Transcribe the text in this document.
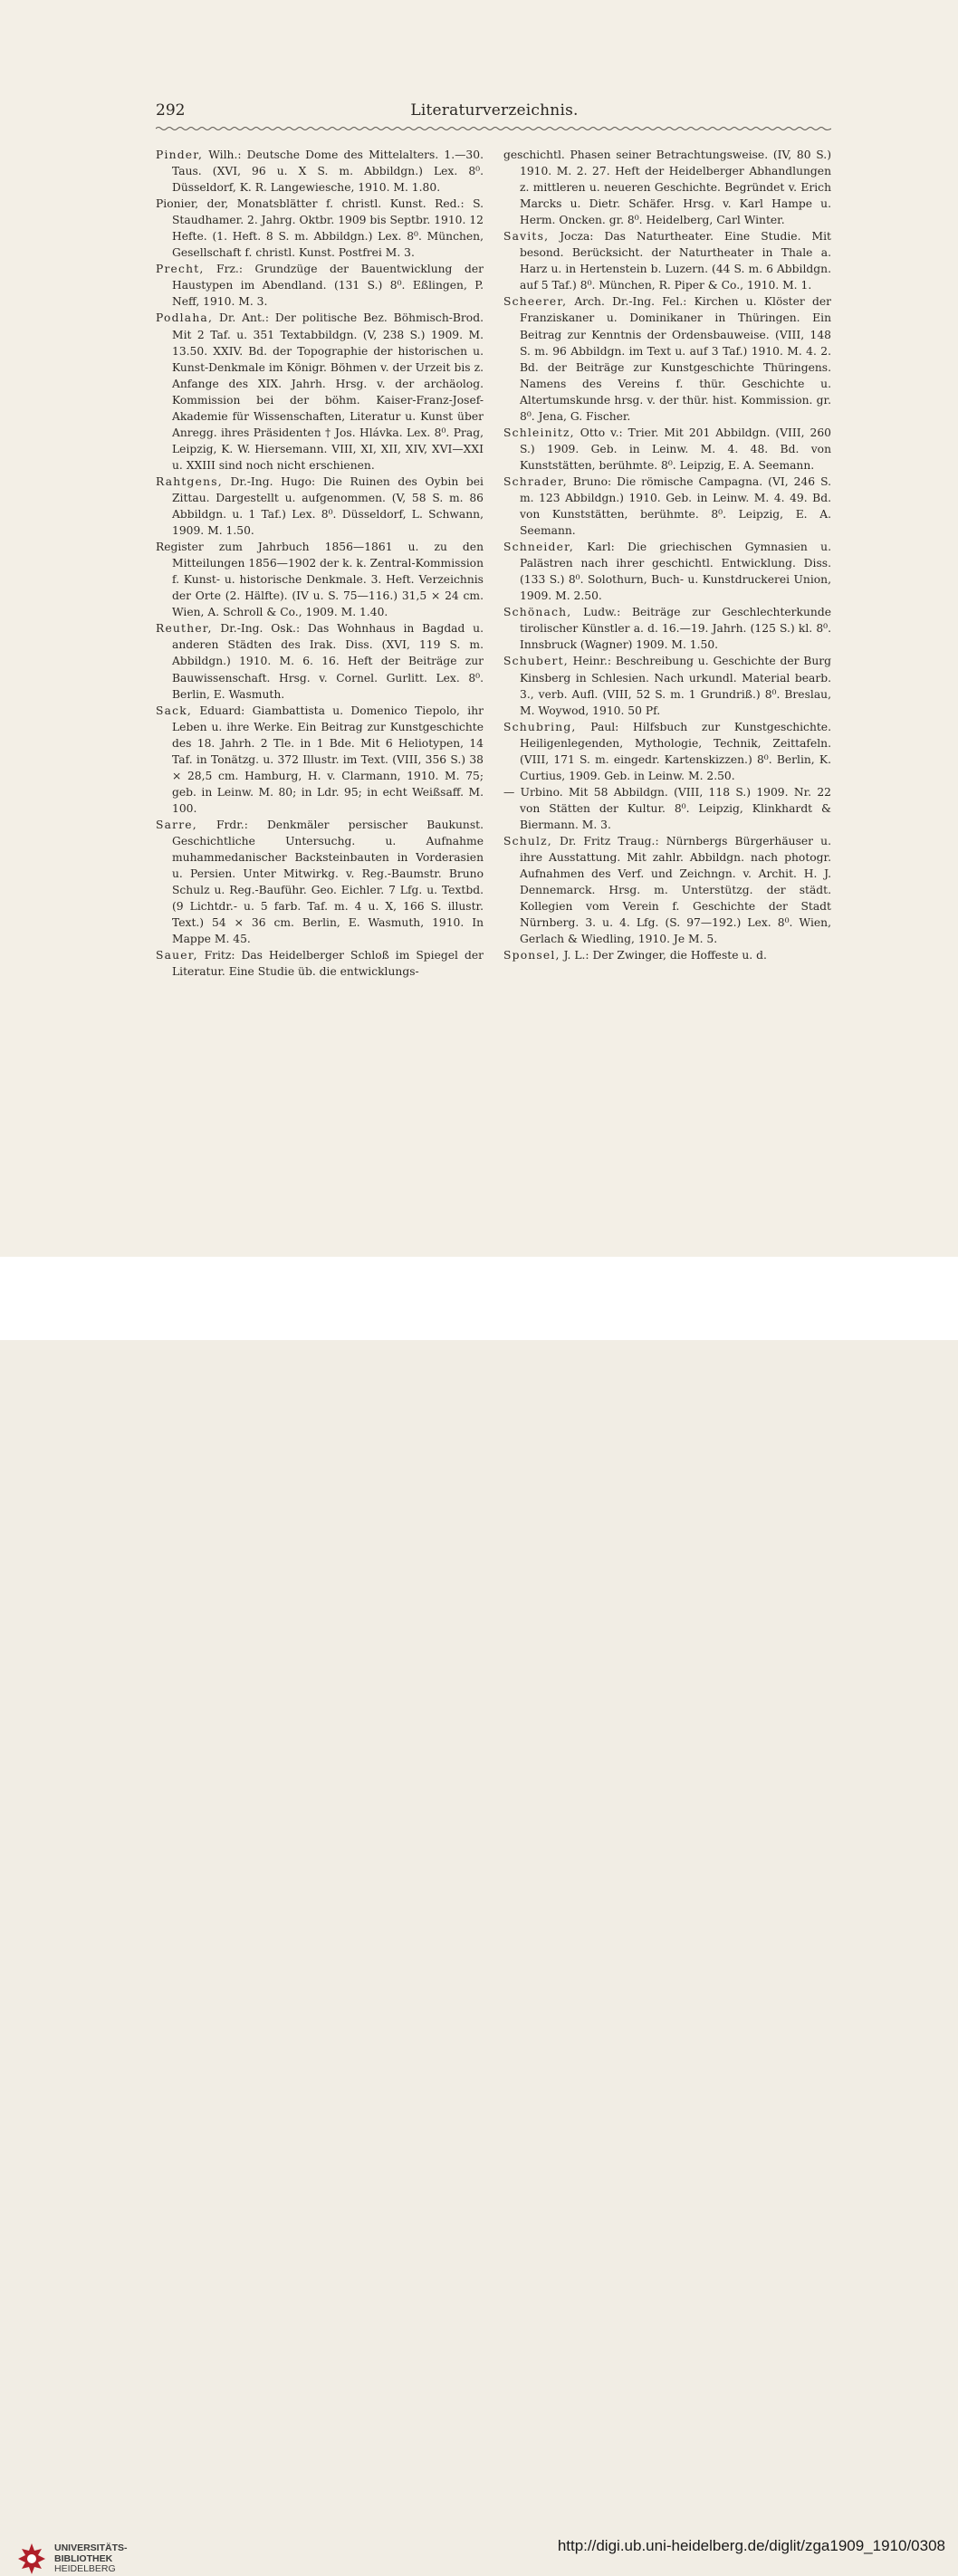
292	Literaturverzeichnis.

Pinder, Wilh.: Deutsche Dome des Mittelalters. 1.—30. Taus. (XVI, 96 u. X S. m. Abbildgn.) Lex. 8⁰. Düsseldorf, K. R. Langewiesche, 1910. M. 1.80.

Pionier, der, Monatsblätter f. christl. Kunst. Red.: S. Staudhamer. 2. Jahrg. Oktbr. 1909 bis Septbr. 1910. 12 Hefte. (1. Heft. 8 S. m. Abbildgn.) Lex. 8⁰. München, Gesellschaft f. christl. Kunst. Postfrei M. 3.

Precht, Frz.: Grundzüge der Bauentwicklung der Haustypen im Abendland. (131 S.) 8⁰. Eßlingen, P. Neff, 1910. M. 3.

Podlaha, Dr. Ant.: Der politische Bez. Böhmisch-Brod. Mit 2 Taf. u. 351 Textabbildgn. (V, 238 S.) 1909. M. 13.50. XXIV. Bd. der Topographie der historischen u. Kunst-Denkmale im Königr. Böhmen v. der Urzeit bis z. Anfange des XIX. Jahrh. Hrsg. v. der archäolog. Kommission bei der böhm. Kaiser-Franz-Josef-Akademie für Wissenschaften, Literatur u. Kunst über Anregg. ihres Präsidenten † Jos. Hlávka. Lex. 8⁰. Prag, Leipzig, K. W. Hiersemann. VIII, XI, XII, XIV, XVI—XXI u. XXIII sind noch nicht erschienen.

Rahtgens, Dr.-Ing. Hugo: Die Ruinen des Oybin bei Zittau. Dargestellt u. aufgenommen. (V, 58 S. m. 86 Abbildgn. u. 1 Taf.) Lex. 8⁰. Düsseldorf, L. Schwann, 1909. M. 1.50.

Register zum Jahrbuch 1856—1861 u. zu den Mitteilungen 1856—1902 der k. k. Zentral-Kommission f. Kunst- u. historische Denkmale. 3. Heft. Verzeichnis der Orte (2. Hälfte). (IV u. S. 75—116.) 31,5 × 24 cm. Wien, A. Schroll & Co., 1909. M. 1.40.

Reuther, Dr.-Ing. Osk.: Das Wohnhaus in Bagdad u. anderen Städten des Irak. Diss. (XVI, 119 S. m. Abbildgn.) 1910. M. 6. 16. Heft der Beiträge zur Bauwissenschaft. Hrsg. v. Cornel. Gurlitt. Lex. 8⁰. Berlin, E. Wasmuth.

Sack, Eduard: Giambattista u. Domenico Tiepolo, ihr Leben u. ihre Werke. Ein Beitrag zur Kunstgeschichte des 18. Jahrh. 2 Tle. in 1 Bde. Mit 6 Heliotypen, 14 Taf. in Tonätzg. u. 372 Illustr. im Text. (VIII, 356 S.) 38 × 28,5 cm. Hamburg, H. v. Clarmann, 1910. M. 75; geb. in Leinw. M. 80; in Ldr. 95; in echt Weißsaff. M. 100.

Sarre, Frdr.: Denkmäler persischer Baukunst. Geschichtliche Untersuchg. u. Aufnahme muhammedanischer Backsteinbauten in Vorderasien u. Persien. Unter Mitwirkg. v. Reg.-Baumstr. Bruno Schulz u. Reg.-Bauführ. Geo. Eichler. 7 Lfg. u. Textbd. (9 Lichtdr.- u. 5 farb. Taf. m. 4 u. X, 166 S. illustr. Text.) 54 × 36 cm. Berlin, E. Wasmuth, 1910. In Mappe M. 45.

Sauer, Fritz: Das Heidelberger Schloß im Spiegel der Literatur. Eine Studie üb. die entwicklungs-

geschichtl. Phasen seiner Betrachtungsweise. (IV, 80 S.) 1910. M. 2. 27. Heft der Heidelberger Abhandlungen z. mittleren u. neueren Geschichte. Begründet v. Erich Marcks u. Dietr. Schäfer. Hrsg. v. Karl Hampe u. Herm. Oncken. gr. 8⁰. Heidelberg, Carl Winter.

Savits, Jocza: Das Naturtheater. Eine Studie. Mit besond. Berücksicht. der Naturtheater in Thale a. Harz u. in Hertenstein b. Luzern. (44 S. m. 6 Abbildgn. auf 5 Taf.) 8⁰. München, R. Piper & Co., 1910. M. 1.

Scheerer, Arch. Dr.-Ing. Fel.: Kirchen u. Klöster der Franziskaner u. Dominikaner in Thüringen. Ein Beitrag zur Kenntnis der Ordensbauweise. (VIII, 148 S. m. 96 Abbildgn. im Text u. auf 3 Taf.) 1910. M. 4. 2. Bd. der Beiträge zur Kunstgeschichte Thüringens. Namens des Vereins f. thür. Geschichte u. Altertumskunde hrsg. v. der thür. hist. Kommission. gr. 8⁰. Jena, G. Fischer.

Schleinitz, Otto v.: Trier. Mit 201 Abbildgn. (VIII, 260 S.) 1909. Geb. in Leinw. M. 4. 48. Bd. von Kunststätten, berühmte. 8⁰. Leipzig, E. A. Seemann.

Schrader, Bruno: Die römische Campagna. (VI, 246 S. m. 123 Abbildgn.) 1910. Geb. in Leinw. M. 4. 49. Bd. von Kunststätten, berühmte. 8⁰. Leipzig, E. A. Seemann.

Schneider, Karl: Die griechischen Gymnasien u. Palästren nach ihrer geschichtl. Entwicklung. Diss. (133 S.) 8⁰. Solothurn, Buch- u. Kunstdruckerei Union, 1909. M. 2.50.

Schönach, Ludw.: Beiträge zur Geschlechterkunde tirolischer Künstler a. d. 16.—19. Jahrh. (125 S.) kl. 8⁰. Innsbruck (Wagner) 1909. M. 1.50.

Schubert, Heinr.: Beschreibung u. Geschichte der Burg Kinsberg in Schlesien. Nach urkundl. Material bearb. 3., verb. Aufl. (VIII, 52 S. m. 1 Grundriß.) 8⁰. Breslau, M. Woywod, 1910. 50 Pf.

Schubring, Paul: Hilfsbuch zur Kunstgeschichte. Heiligenlegenden, Mythologie, Technik, Zeittafeln. (VIII, 171 S. m. eingedr. Kartenskizzen.) 8⁰. Berlin, K. Curtius, 1909. Geb. in Leinw. M. 2.50.

— Urbino. Mit 58 Abbildgn. (VIII, 118 S.) 1909. Nr. 22 von Stätten der Kultur. 8⁰. Leipzig, Klinkhardt & Biermann. M. 3.

Schulz, Dr. Fritz Traug.: Nürnbergs Bürgerhäuser u. ihre Ausstattung. Mit zahlr. Abbildgn. nach photogr. Aufnahmen des Verf. und Zeichngn. v. Archit. H. J. Dennemarck. Hrsg. m. Unterstützg. der städt. Kollegien vom Verein f. Geschichte der Stadt Nürnberg. 3. u. 4. Lfg. (S. 97—192.) Lex. 8⁰. Wien, Gerlach & Wiedling, 1910. Je M. 5.

Sponsel, J. L.: Der Zwinger, die Hoffeste u. d.

UNIVERSITÄTS-
BIBLIOTHEK
HEIDELBERG
http://digi.ub.uni-heidelberg.de/diglit/zga1909_1910/0308
